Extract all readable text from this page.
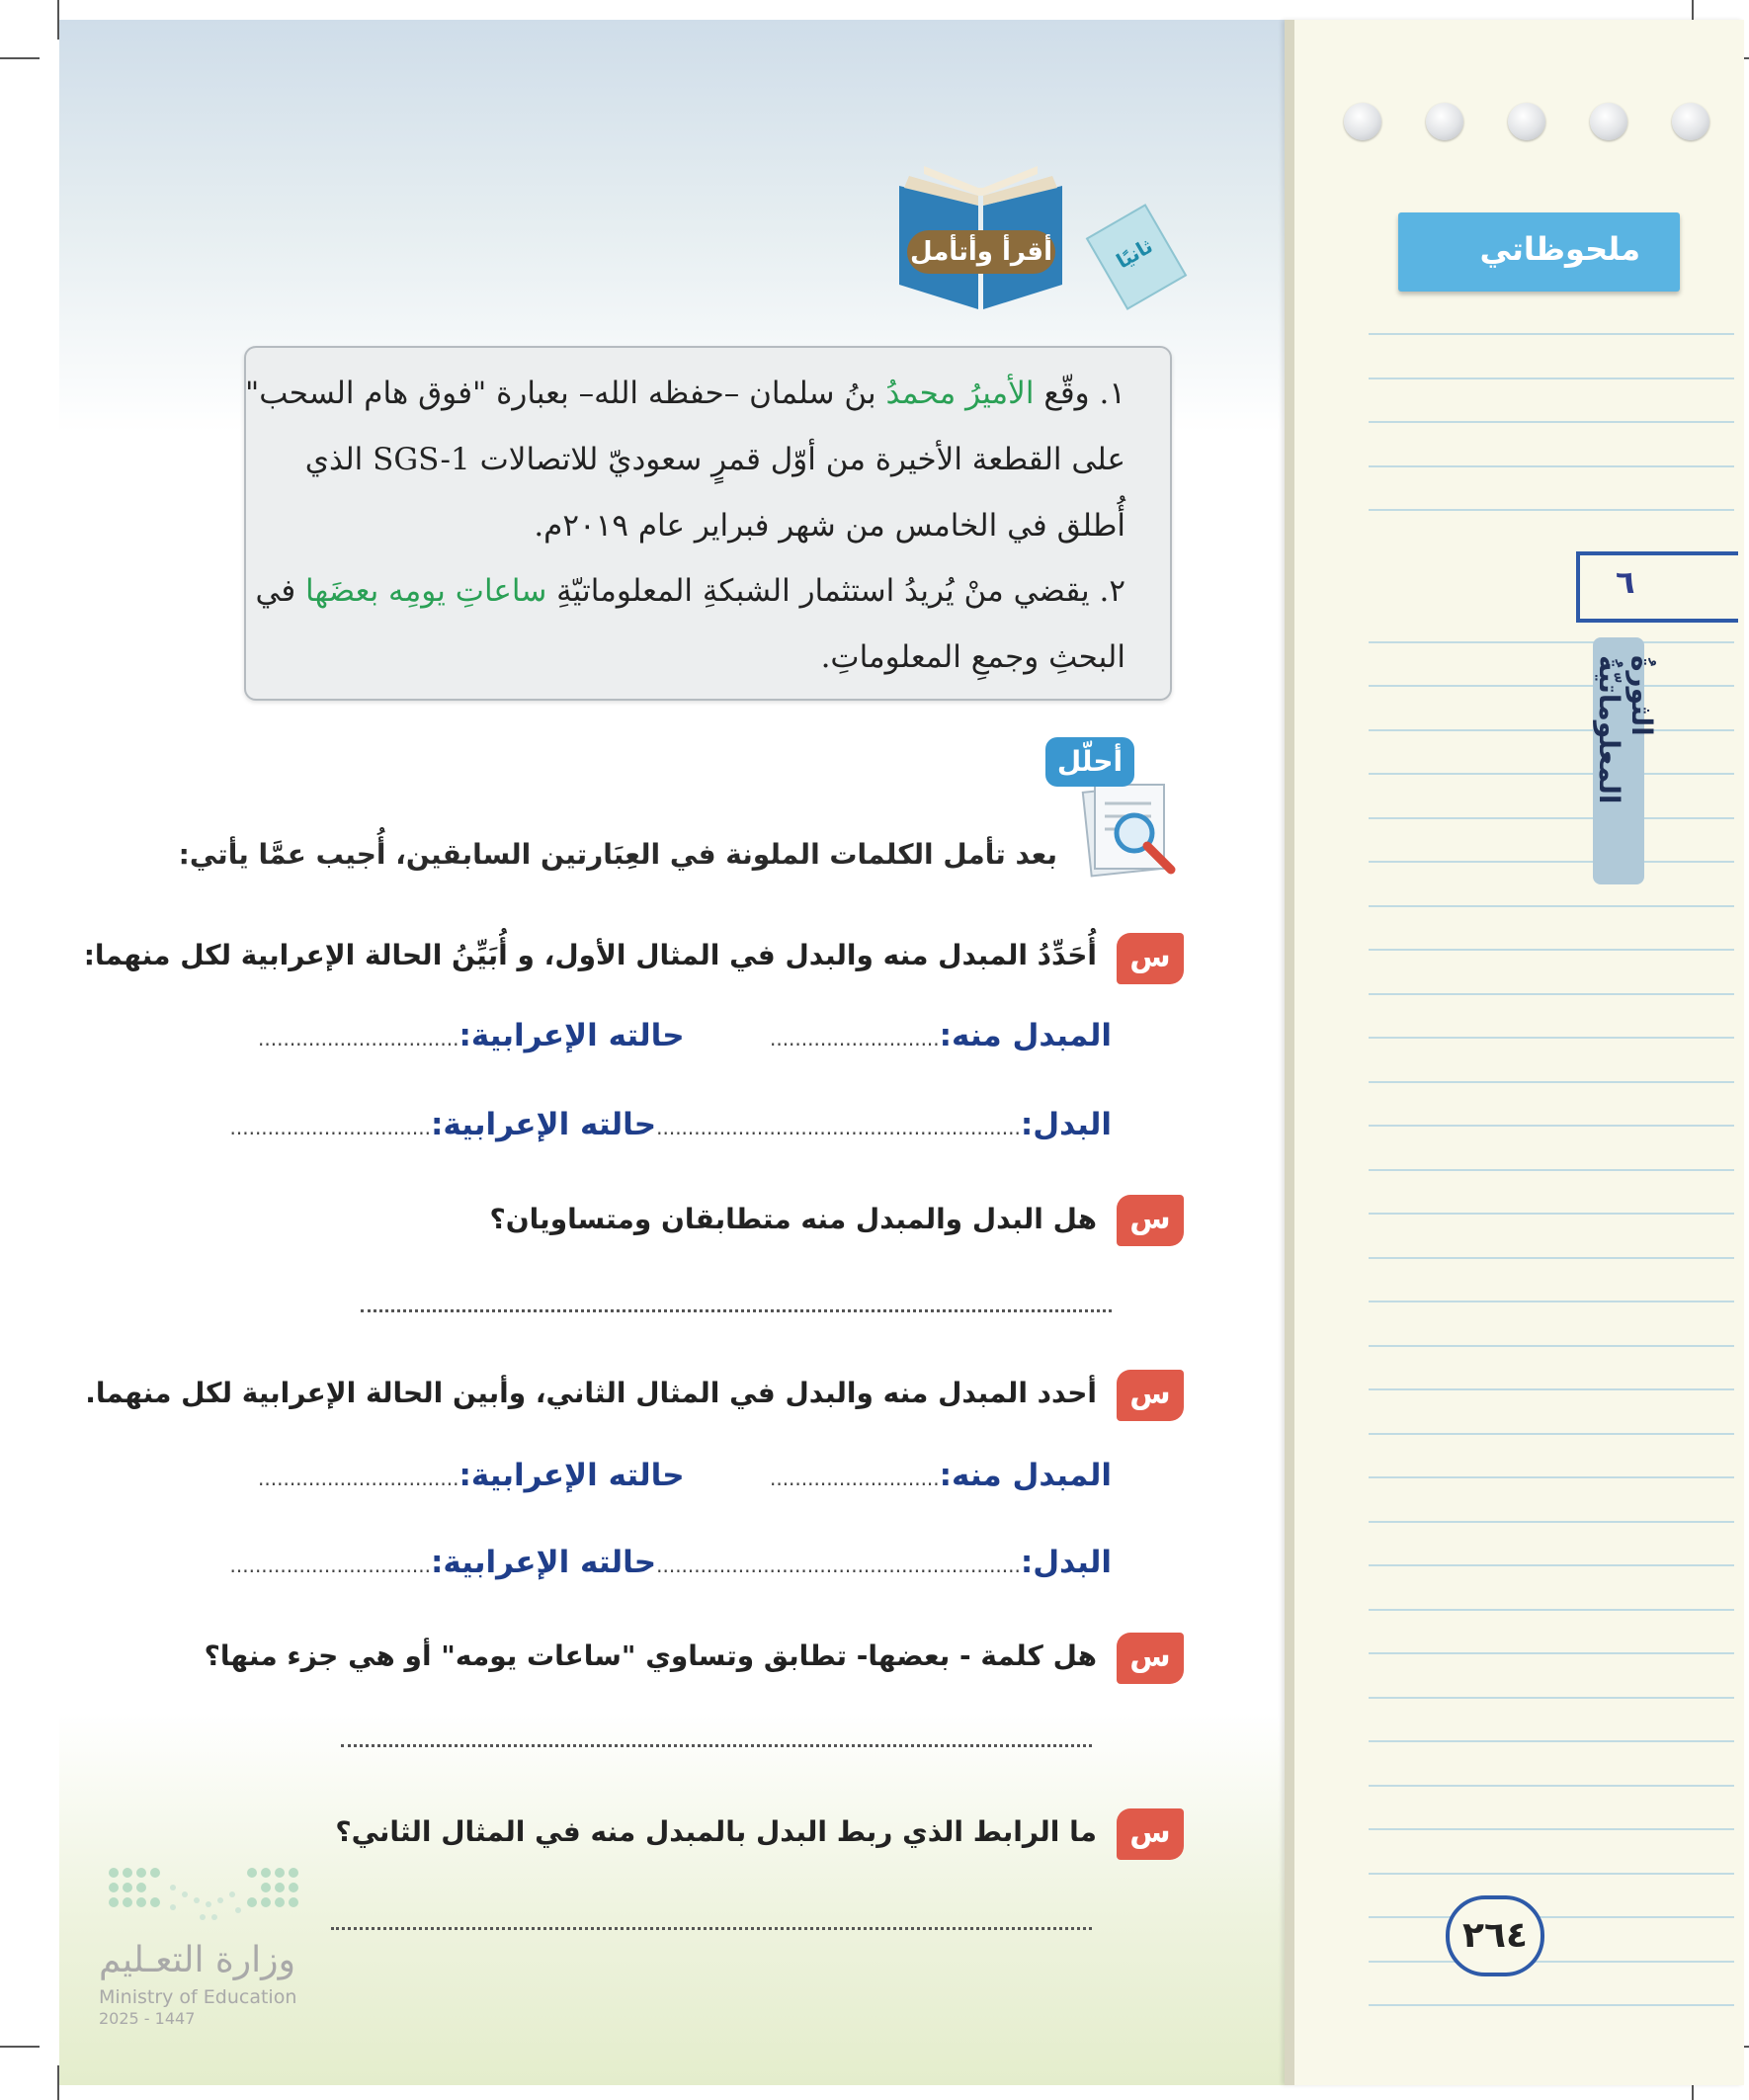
ملحوظاتي
٦
الثورةُ المعلوماتيّةُ
٢٦٤
ثانيًا
أقرأ وأتأمل
١. وقّع الأميرُ محمدُ بنُ سلمان –حفظه الله– بعبارة "فوق هام السحب"
على القطعة الأخيرة من أوّل قمرٍ سعوديّ للاتصالات SGS-1 الذي
أُطلق في الخامس من شهر فبراير عام ٢٠١٩م.
٢. يقضي منْ يُريدُ استثمار الشبكةِ المعلوماتيّةِ ساعاتِ يومِه بعضَها في
البحثِ وجمعِ المعلوماتِ.
أحلّل
بعد تأمل الكلمات الملونة في العِبَارتين السابقين، أُجيب عمَّا يأتي:
س
أُحَدِّدُ المبدل منه والبدل في المثال الأول، و أُبَيِّنُ الحالة الإعرابية لكل منهما:
المبدل منه:...........................        حالته الإعرابية:................................
البدل:..........................................................حالته الإعرابية:................................
س
هل البدل والمبدل منه متطابقان ومتساويان؟
س
أحدد المبدل منه والبدل في المثال الثاني، وأبين الحالة الإعرابية لكل منهما.
المبدل منه:...........................        حالته الإعرابية:................................
البدل:..........................................................حالته الإعرابية:................................
س
هل كلمة - بعضها- تطابق وتساوي "ساعات يومه" أو هي جزء منها؟
س
ما الرابط الذي ربط البدل بالمبدل منه في المثال الثاني؟
وزارة التعـليم
Ministry of Education
2025 - 1447
